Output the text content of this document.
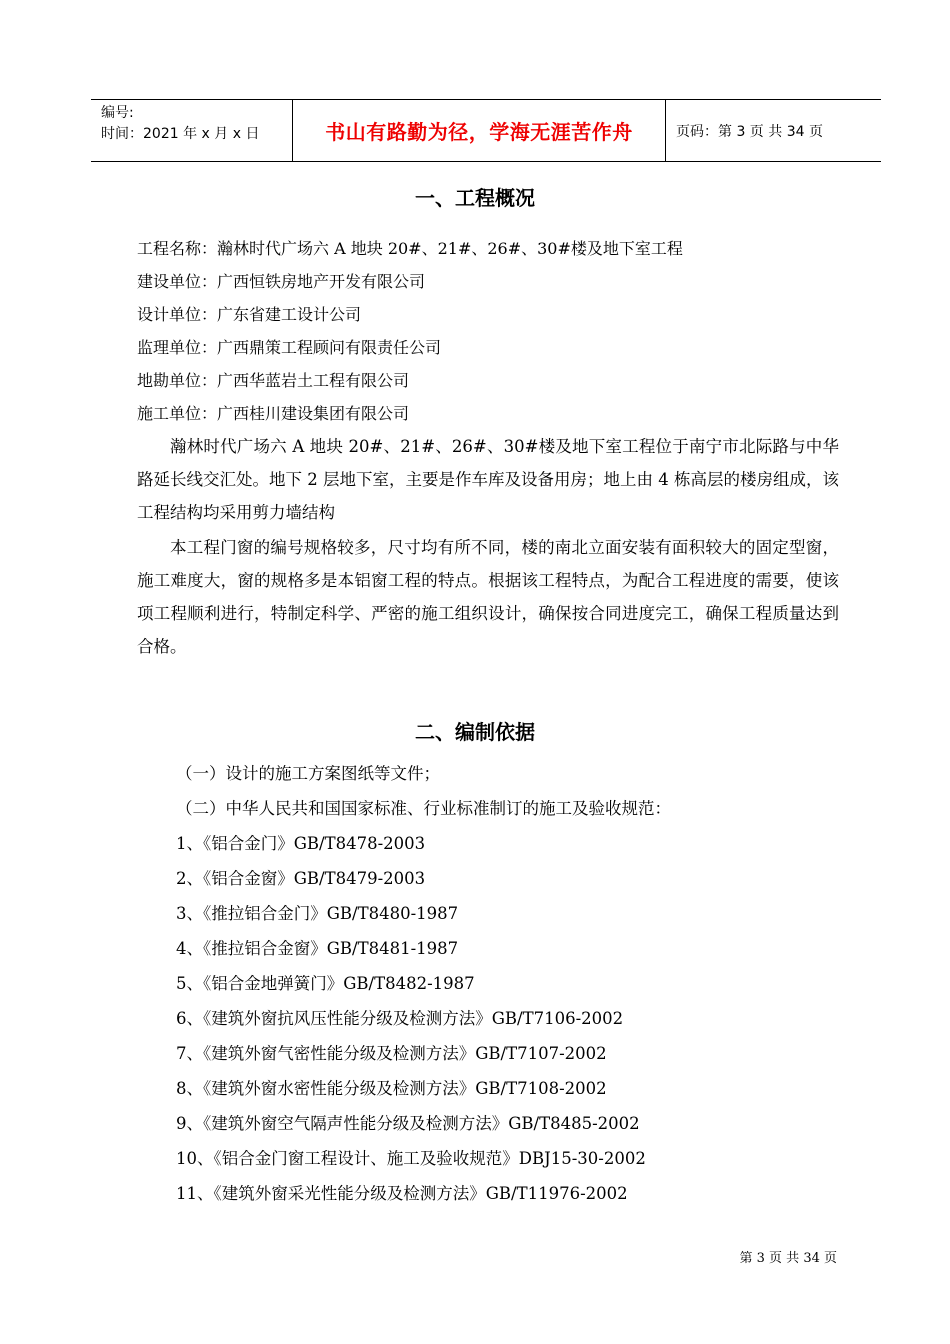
编号:
时间：2021 年 x 月 x 日	书山有路勤为径，学海无涯苦作舟	页码：第 3 页 共 34 页
一、工程概况
工程名称：瀚林时代广场六 A 地块 20#、21#、26#、30#楼及地下室工程
建设单位：广西恒铁房地产开发有限公司
设计单位：广东省建工设计公司
监理单位：广西鼎策工程顾问有限责任公司
地勘单位：广西华蓝岩土工程有限公司
施工单位：广西桂川建设集团有限公司

瀚林时代广场六 A 地块 20#、21#、26#、30#楼及地下室工程位于南宁市北际路与中华路延长线交汇处。地下 2 层地下室，主要是作车库及设备用房；地上由 4 栋高层的楼房组成，该工程结构均采用剪力墙结构

本工程门窗的编号规格较多，尺寸均有所不同，楼的南北立面安装有面积较大的固定型窗，施工难度大，窗的规格多是本铝窗工程的特点。根据该工程特点，为配合工程进度的需要，使该项工程顺利进行，特制定科学、严密的施工组织设计，确保按合同进度完工，确保工程质量达到合格。

二、编制依据
（一）设计的施工方案图纸等文件；
（二）中华人民共和国国家标准、行业标准制订的施工及验收规范：
1、《铝合金门》GB/T8478-2003
2、《铝合金窗》GB/T8479-2003
3、《推拉铝合金门》GB/T8480-1987
4、《推拉铝合金窗》GB/T8481-1987
5、《铝合金地弹簧门》GB/T8482-1987
6、《建筑外窗抗风压性能分级及检测方法》GB/T7106-2002
7、《建筑外窗气密性能分级及检测方法》GB/T7107-2002
8、《建筑外窗水密性能分级及检测方法》GB/T7108-2002
9、《建筑外窗空气隔声性能分级及检测方法》GB/T8485-2002
10、《铝合金门窗工程设计、施工及验收规范》DBJ15-30-2002
11、《建筑外窗采光性能分级及检测方法》GB/T11976-2002
第 3 页 共 34 页
